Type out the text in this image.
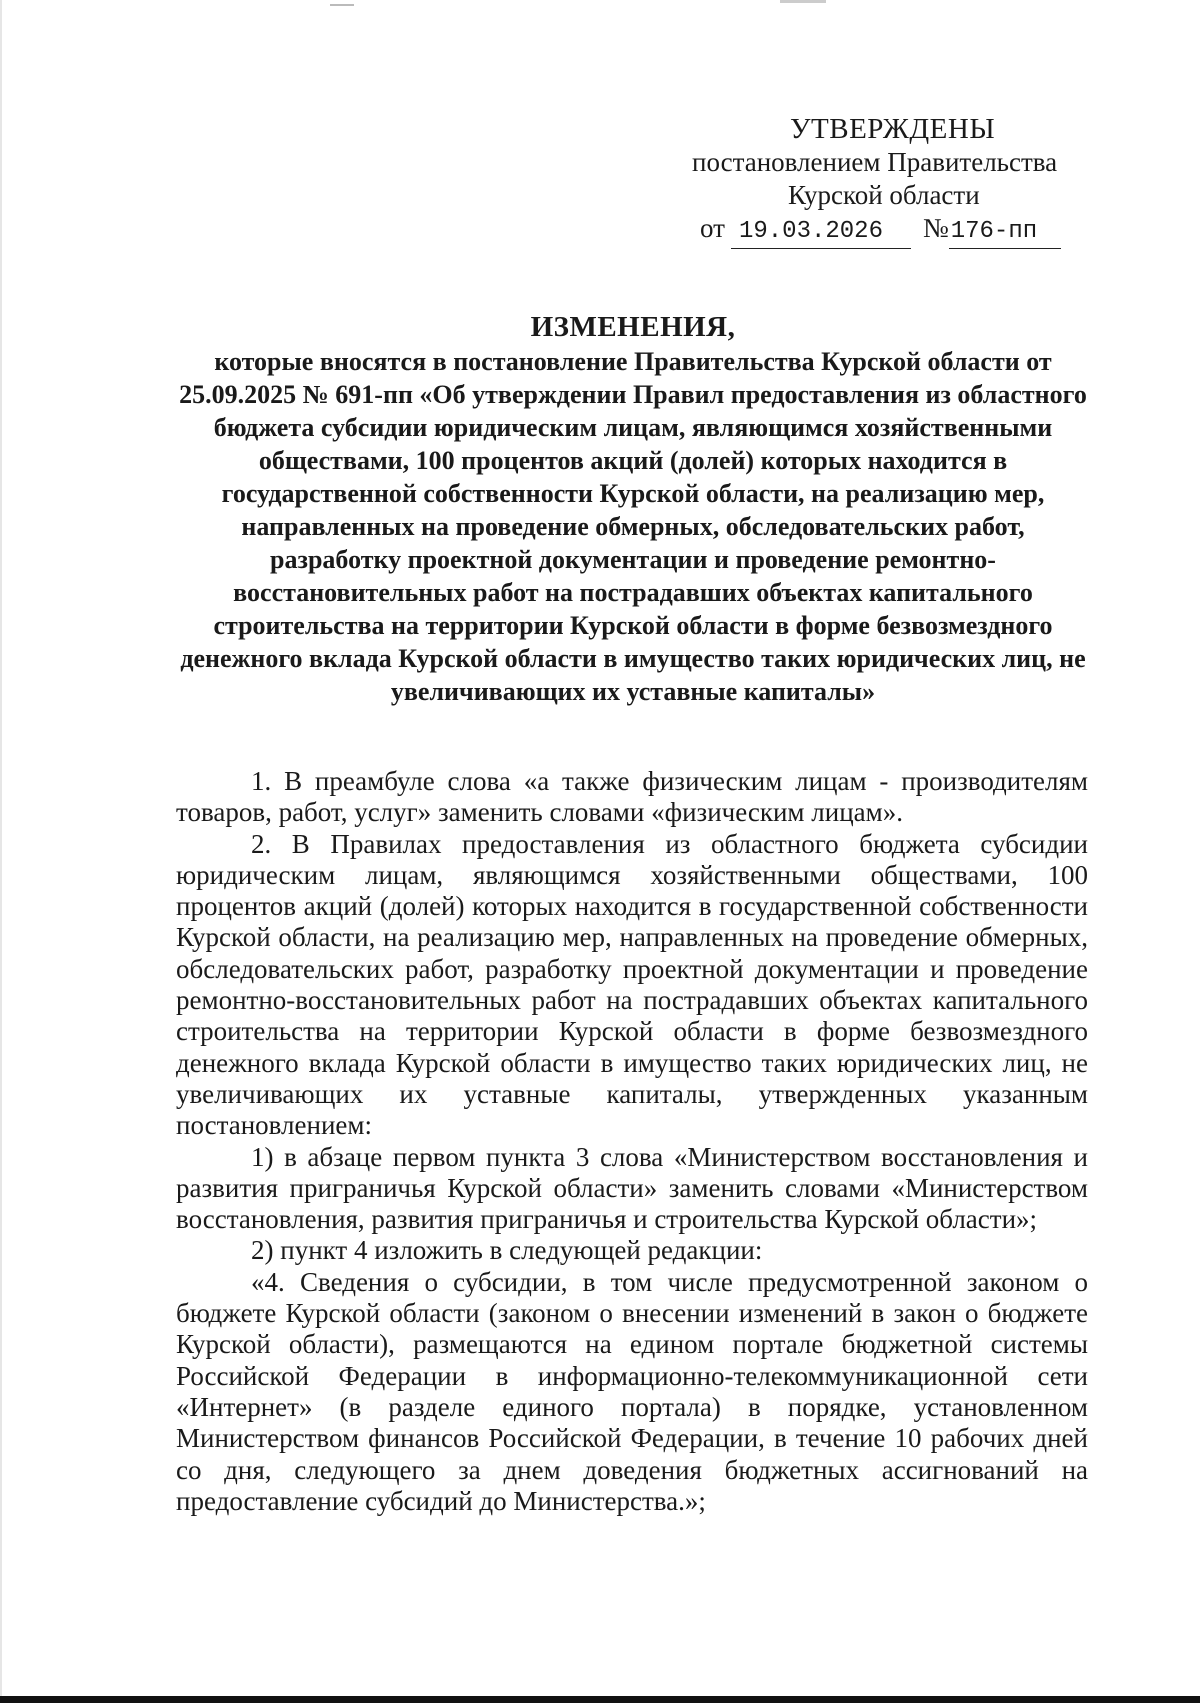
УТВЕРЖДЕНЫ
постановлением Правительства
Курской области
от 19.03.2026 №176-пп
ИЗМЕНЕНИЯ,
которые вносятся в постановление Правительства Курской области от 25.09.2025 № 691-пп «Об утверждении Правил предоставления из областного бюджета субсидии юридическим лицам, являющимся хозяйственными обществами, 100 процентов акций (долей) которых находится в государственной собственности Курской области, на реализацию мер, направленных на проведение обмерных, обследовательских работ, разработку проектной документации и проведение ремонтно-восстановительных работ на пострадавших объектах капитального строительства на территории Курской области в форме безвозмездного денежного вклада Курской области в имущество таких юридических лиц, не увеличивающих их уставные капиталы»

1. В преамбуле слова «а также физическим лицам - производителям товаров, работ, услуг» заменить словами «физическим лицам».

2. В Правилах предоставления из областного бюджета субсидии юридическим лицам, являющимся хозяйственными обществами, 100 процентов акций (долей) которых находится в государственной собственности Курской области, на реализацию мер, направленных на проведение обмерных, обследовательских работ, разработку проектной документации и проведение ремонтно-восстановительных работ на пострадавших объектах капитального строительства на территории Курской области в форме безвозмездного денежного вклада Курской области в имущество таких юридических лиц, не увеличивающих их уставные капиталы, утвержденных указанным постановлением:

1) в абзаце первом пункта 3 слова «Министерством восстановления и развития приграничья Курской области» заменить словами «Министерством восстановления, развития приграничья и строительства Курской области»;

2) пункт 4 изложить в следующей редакции:

«4. Сведения о субсидии, в том числе предусмотренной законом о бюджете Курской области (законом о внесении изменений в закон о бюджете Курской области), размещаются на едином портале бюджетной системы Российской Федерации в информационно-телекоммуникационной сети «Интернет» (в разделе единого портала) в порядке, установленном Министерством финансов Российской Федерации, в течение 10 рабочих дней со дня, следующего за днем доведения бюджетных ассигнований на предоставление субсидий до Министерства.»;
